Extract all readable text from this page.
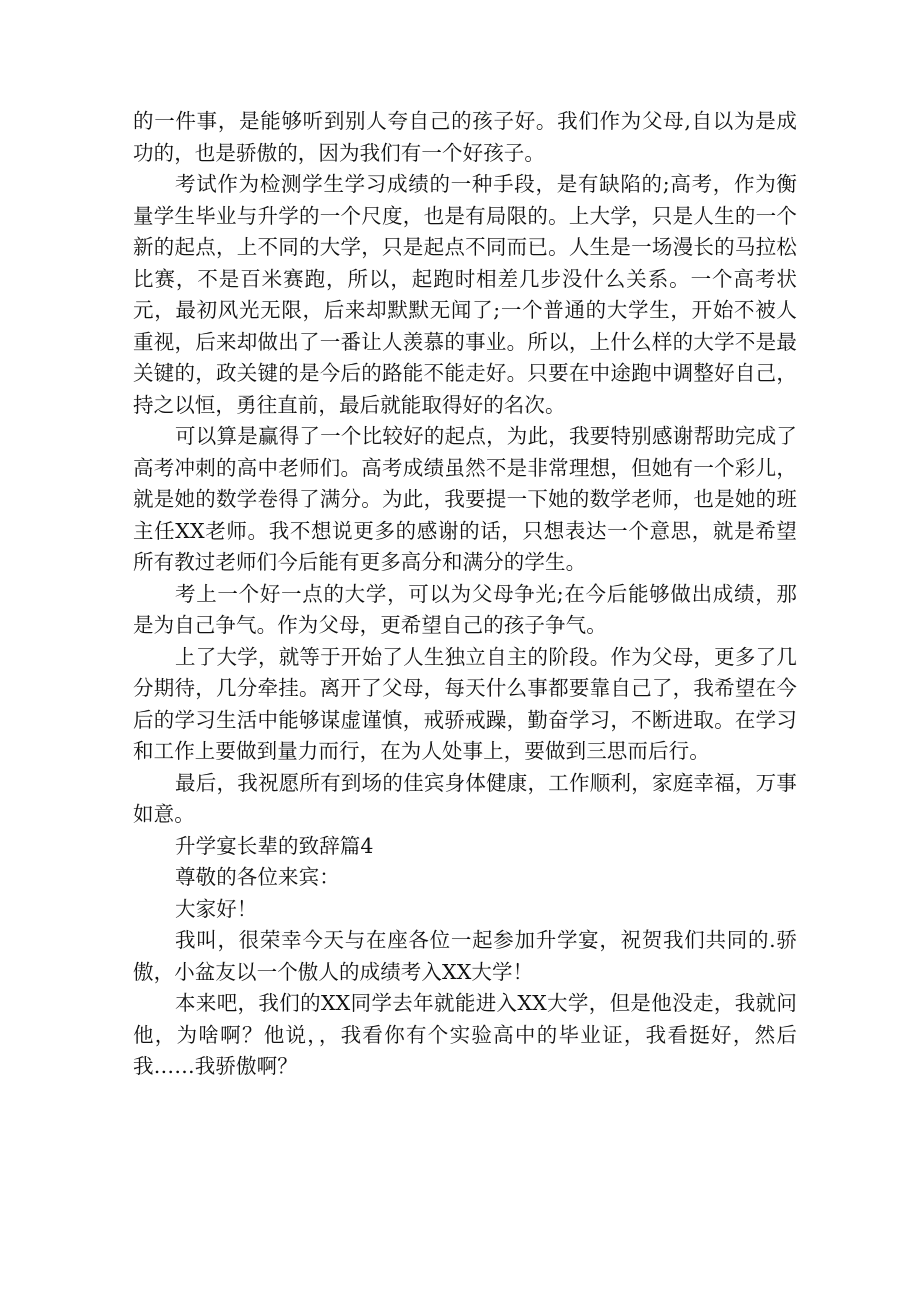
的一件事，是能够听到别人夸自己的孩子好。我们作为父母,自以为是成功的，也是骄傲的，因为我们有一个好孩子。

考试作为检测学生学习成绩的一种手段，是有缺陷的;高考，作为衡量学生毕业与升学的一个尺度，也是有局限的。上大学，只是人生的一个新的起点，上不同的大学，只是起点不同而已。人生是一场漫长的马拉松比赛，不是百米赛跑，所以，起跑时相差几步没什么关系。一个高考状元，最初风光无限，后来却默默无闻了;一个普通的大学生，开始不被人重视，后来却做出了一番让人羡慕的事业。所以，上什么样的大学不是最关键的，政关键的是今后的路能不能走好。只要在中途跑中调整好自己，持之以恒，勇往直前，最后就能取得好的名次。

可以算是赢得了一个比较好的起点，为此，我要特别感谢帮助完成了高考冲刺的高中老师们。高考成绩虽然不是非常理想，但她有一个彩儿，就是她的数学卷得了满分。为此，我要提一下她的数学老师，也是她的班主任XX老师。我不想说更多的感谢的话，只想表达一个意思，就是希望所有教过老师们今后能有更多高分和满分的学生。

考上一个好一点的大学，可以为父母争光;在今后能够做出成绩，那是为自己争气。作为父母，更希望自己的孩子争气。

上了大学，就等于开始了人生独立自主的阶段。作为父母，更多了几分期待，几分牵挂。离开了父母，每天什么事都要靠自己了，我希望在今后的学习生活中能够谋虚谨慎，戒骄戒躁，勤奋学习，不断进取。在学习和工作上要做到量力而行，在为人处事上，要做到三思而后行。

最后，我祝愿所有到场的佳宾身体健康，工作顺利，家庭幸福，万事如意。

升学宴长辈的致辞篇4

尊敬的各位来宾：

大家好！

我叫，很荣幸今天与在座各位一起参加升学宴，祝贺我们共同的.骄傲，小盆友以一个傲人的成绩考入XX大学！

本来吧，我们的XX同学去年就能进入XX大学，但是他没走，我就问他，为啥啊？他说，，我看你有个实验高中的毕业证，我看挺好，然后我……我骄傲啊？
